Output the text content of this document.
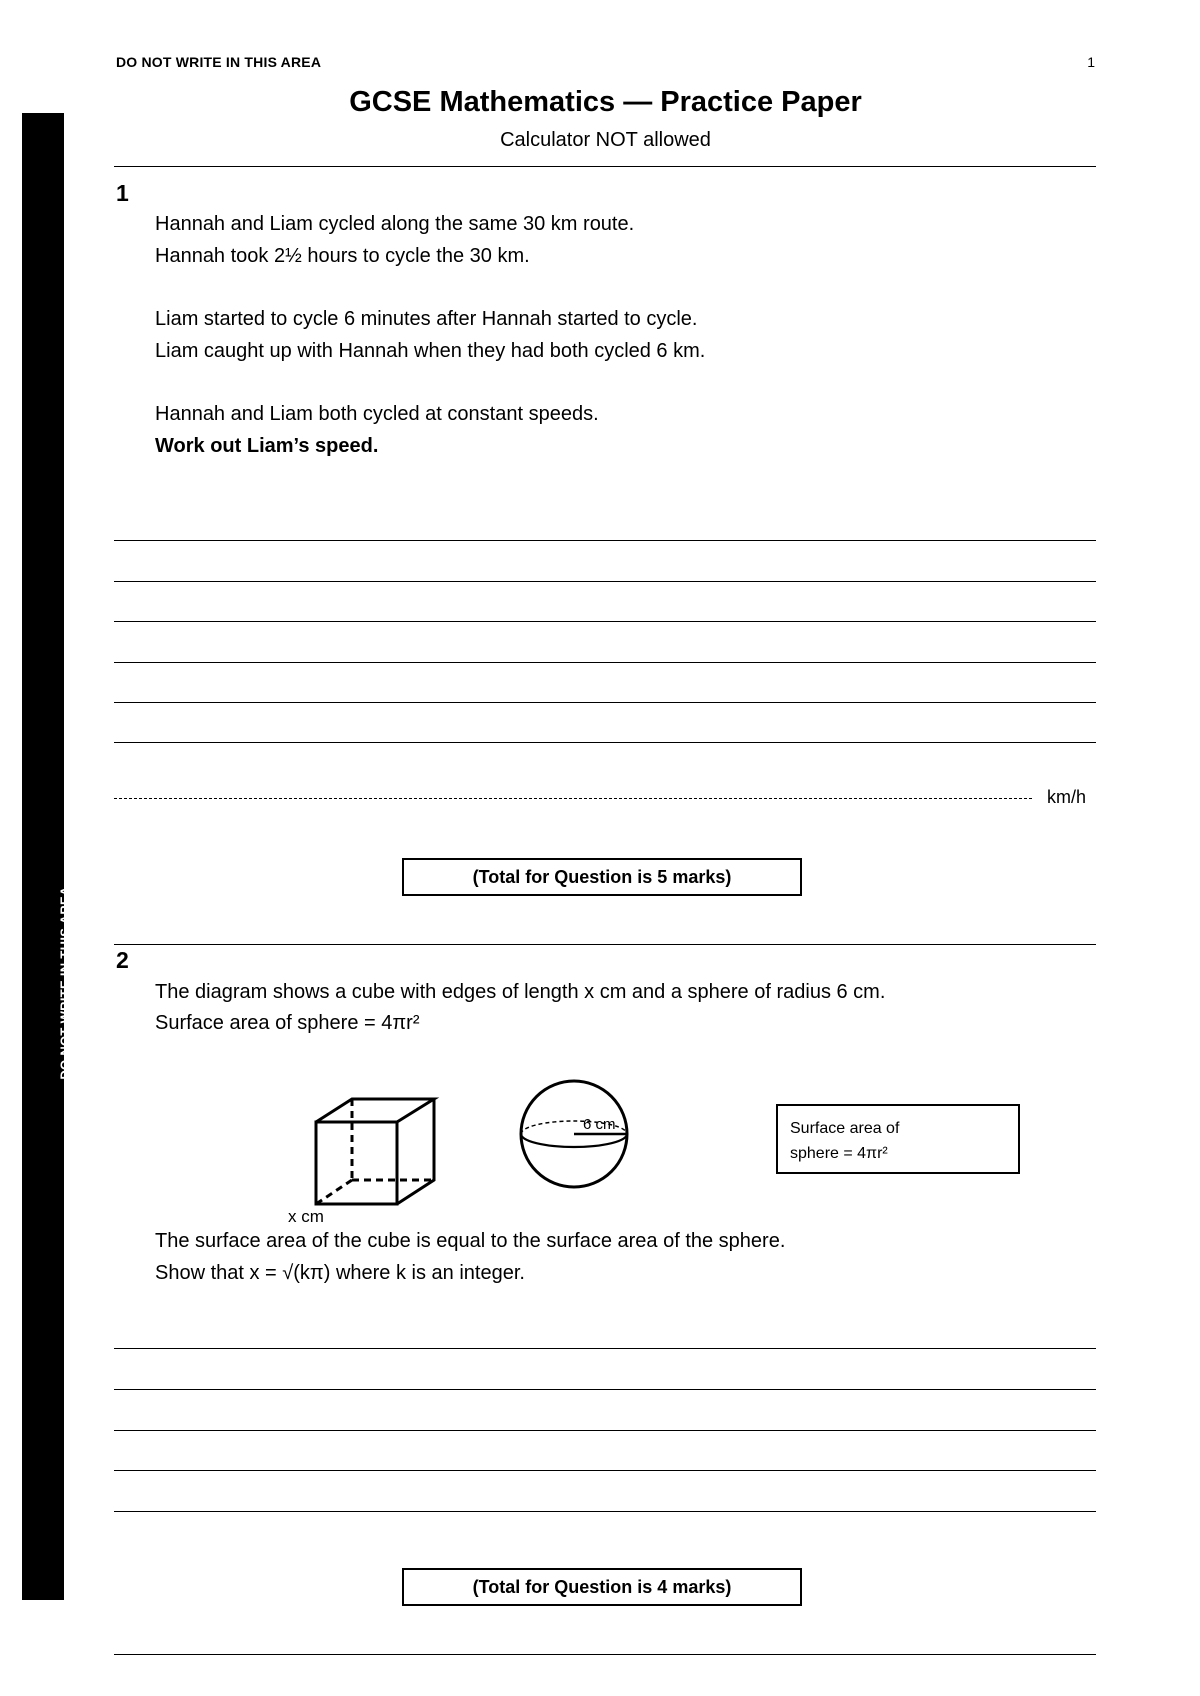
DO NOT WRITE IN THIS AREA
DO NOT WRITE IN THIS AREA	1
GCSE Mathematics — Practice Paper
Calculator NOT allowed
1
Hannah and Liam cycled along the same 30 km route.
Hannah took 2½ hours to cycle the 30 km.
Liam started to cycle 6 minutes after Hannah started to cycle.
Liam caught up with Hannah when they had both cycled 6 km.
Hannah and Liam both cycled at constant speeds.
Work out Liam’s speed.
km/h
(Total for Question is 5 marks)
2
The diagram shows a cube with edges of length x cm and a sphere of radius 6 cm.
Surface area of sphere = 4πr²
x cm
6 cm	Surface area of
sphere = 4πr²
The surface area of the cube is equal to the surface area of the sphere.
Show that x = √(kπ) where k is an integer.
(Total for Question is 4 marks)
